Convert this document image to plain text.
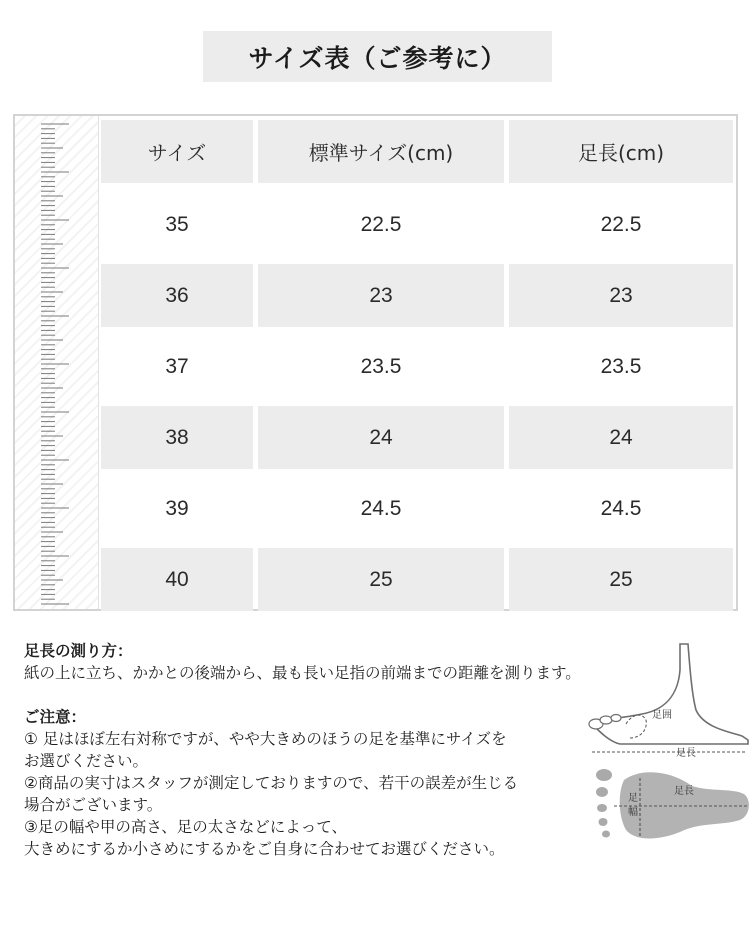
サイズ表（ご参考に）
サイズ	標準サイズ(cm)	足長(cm)
35	22.5	22.5
36	23	23
37	23.5	23.5
38	24	24
39	24.5	24.5
40	25	25
足長の測り方：
紙の上に立ち、かかとの後端から、最も長い足指の前端までの距離を測ります。
ご注意：
① 足はほぼ左右対称ですが、やや大きめのほうの足を基準にサイズを
お選びください。
②商品の実寸はスタッフが測定しておりますので、若干の誤差が生じる
場合がございます。
③足の幅や甲の高さ、足の太さなどによって、
大きめにするか小さめにするかをご自身に合わせてお選びください。
足囲
足長
足幅
足長
